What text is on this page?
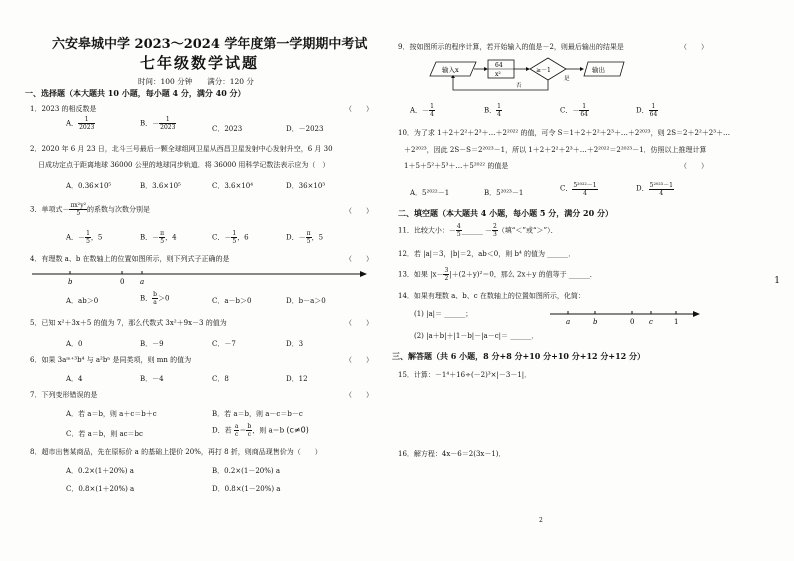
六安皋城中学 2023～2024 学年度第一学期期中考试
七年级数学试题
时间：100 分钟　　满分：120 分
一、选择题（本大题共 10 小题，每小题 4 分，满分 40 分）
1．2023 的相反数是	（　　）
A． $\frac{1}{2023}$	B．－ $\frac{1}{2023}$	C．2023	D．－2023
2．2020 年 6 月 23 日，北斗三号最后一颗全球组网卫星从西昌卫星发射中心发射升空，6 月 30
日成功定点于距离地球 36000 公里的地球同步轨道．将 36000 用科学记数法表示应为（　）
A．0.36×10⁵	B．3.6×10⁵	C．3.6×10⁴	D．36×10³
3．单项式－ $\frac{\text{πx²y²}}{5}$ 的系数与次数分别是	（　　）
A．－ $\frac{1}{5}$ ，5	B．－ $\frac{\pi}{5}$ ，4	C．－ $\frac{1}{5}$ ，6	D．－ $\frac{\pi}{5}$ ，5
4．有理数 a、b 在数轴上的位置如图所示，则下列式子正确的是	（　　）
b	0 a
A．ab＞0	B． $\frac{b}{a} >0$	C．a－b＞0	D．b－a＞0
5．已知 x²＋3x＋5 的值为 7，那么代数式 3x²＋9x－3 的值为	（　　）
A．0	B．－9	C．－7	D．3
6．如果 3aᵐ⁺³b⁴ 与 a²bⁿ 是同类项，则 mn 的值为	（　　）
A．4	B．－4	C．8	D．12
7．下列变形错误的是	（　　）
A．若 a＝b，则 a＋c＝b＋c	B．若 a＝b，则 a－c＝b－c
C．若 a＝b，则 ac＝bc	D．若 $\frac{a}{c} = \frac{b}{c}$ ，则 a＝b (c≠0)
8．超市出售某商品，先在原标价 a 的基础上提价 20%，再打 8 折，则商品现售价为（　　）
A．0.2×(1＋20%) a	B．0.2×(1－20%) a
C．0.8×(1＋20%) a	D．0.8×(1－20%) a
9．按如图所示的程序计算，若开始输入的值是－2，则最后输出的结果是	（　　）
输入x
64
x²
≥－1
是
输出
否
A．－ $\frac{1}{4}$	B． $\frac{1}{4}$	C．－ $\frac{1}{64}$	D． $\frac{1}{64}$
10．为了求 1＋2＋2²＋2³＋…＋2²⁰²² 的值，可令 S＝1＋2＋2²＋2³＋…＋2²⁰²³，则 2S＝2＋2²＋2³＋…
＋2²⁰²³，因此 2S－S＝2²⁰²³－1，所以 1＋2＋2²＋2³＋…＋2²⁰²²＝2²⁰²³－1．仿照以上推理计算
1＋5＋5²＋5³＋…＋5²⁰²² 的值是	（　　）
A．5²⁰²²－1	B．5²⁰²³－1
C． $\frac{\text{5²⁰²²－1}}{4}$	D． $\frac{\text{5²⁰²³－1}}{4}$
二、填空题（本大题共 4 小题，每小题 5 分，满分 20 分）
11．比较大小：－ $\frac{4}{5}$ ______ － $\frac{2}{3}$ （填“＜”或“＞”）．
12．若 |a|＝3，|b|＝2，ab＜0，则 b⁴ 的值为 ______．
13．如果 $|x- \frac{3}{2} |+(2+y)^2=0$，那么 2x＋y 的值等于 ______．
14．如果有理数 a、b、c 在数轴上的位置如图所示，化简：
(1) |a|＝ ______；
(2) |a＋b|＋|1－b|－|a－c|＝ ______．
a	b	0 c	1
三、解答题（共 6 小题，8 分+8 分+10 分+10 分+12 分+12 分）
15．计算：－1⁴＋16÷(－2)³×|－3－1|．
16．解方程：4x－6＝2(3x－1)．
2
1
